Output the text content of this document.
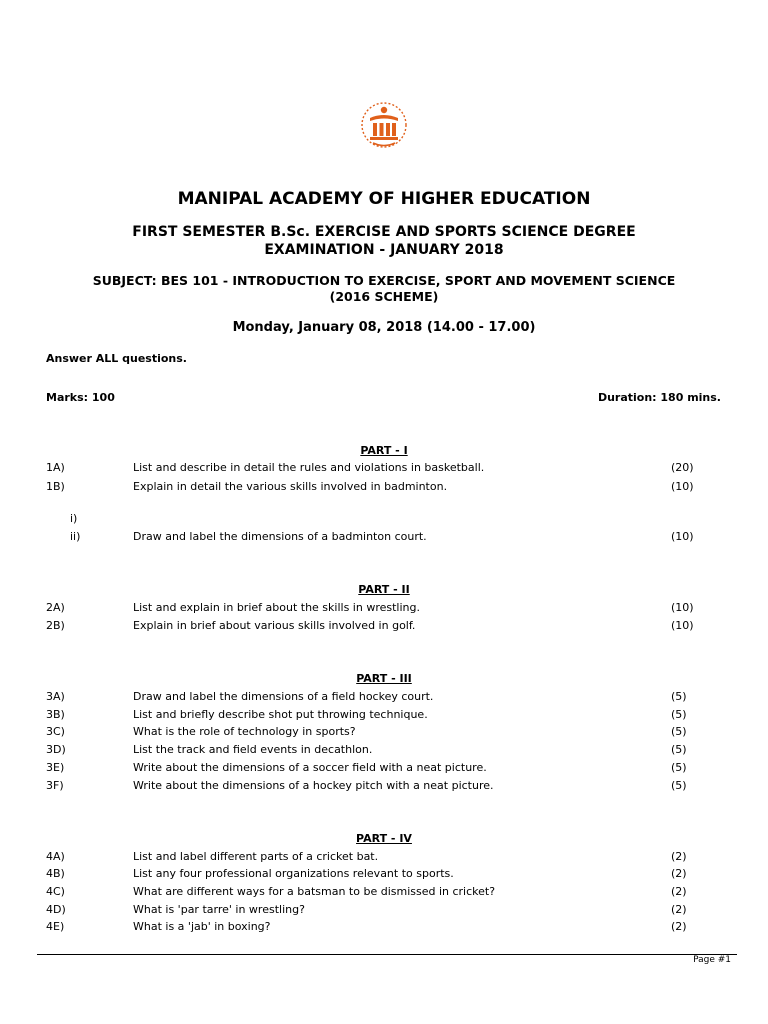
MANIPAL ACADEMY OF HIGHER EDUCATION
FIRST SEMESTER B.Sc. EXERCISE AND SPORTS SCIENCE DEGREE
EXAMINATION - JANUARY 2018
SUBJECT: BES 101 - INTRODUCTION TO EXERCISE, SPORT AND MOVEMENT SCIENCE
(2016 SCHEME)
Monday, January 08, 2018 (14.00 - 17.00)
Answer ALL questions.
Marks: 100	Duration: 180 mins.
PART - I
1A)	List and describe in detail the rules and violations in basketball.	(20)
1B)	Explain in detail the various skills involved in badminton.	(10)
i)
ii)	Draw and label the dimensions of a badminton court.	(10)
PART - II
2A)	List and explain in brief about the skills in wrestling.	(10)
2B)	Explain in brief about various skills involved in golf.	(10)
PART - III
3A)	Draw and label the dimensions of a field hockey court.	(5)
3B)	List and briefly describe shot put throwing technique.	(5)
3C)	What is the role of technology in sports?	(5)
3D)	List the track and field events in decathlon.	(5)
3E)	Write about the dimensions of a soccer field with a neat picture.	(5)
3F)	Write about the dimensions of a hockey pitch with a neat picture.	(5)
PART - IV
4A)	List and label different parts of a cricket bat.	(2)
4B)	List any four professional organizations relevant to sports.	(2)
4C)	What are different ways for a batsman to be dismissed in cricket?	(2)
4D)	What is 'par tarre' in wrestling?	(2)
4E)	What is a 'jab' in boxing?	(2)
Page #1
